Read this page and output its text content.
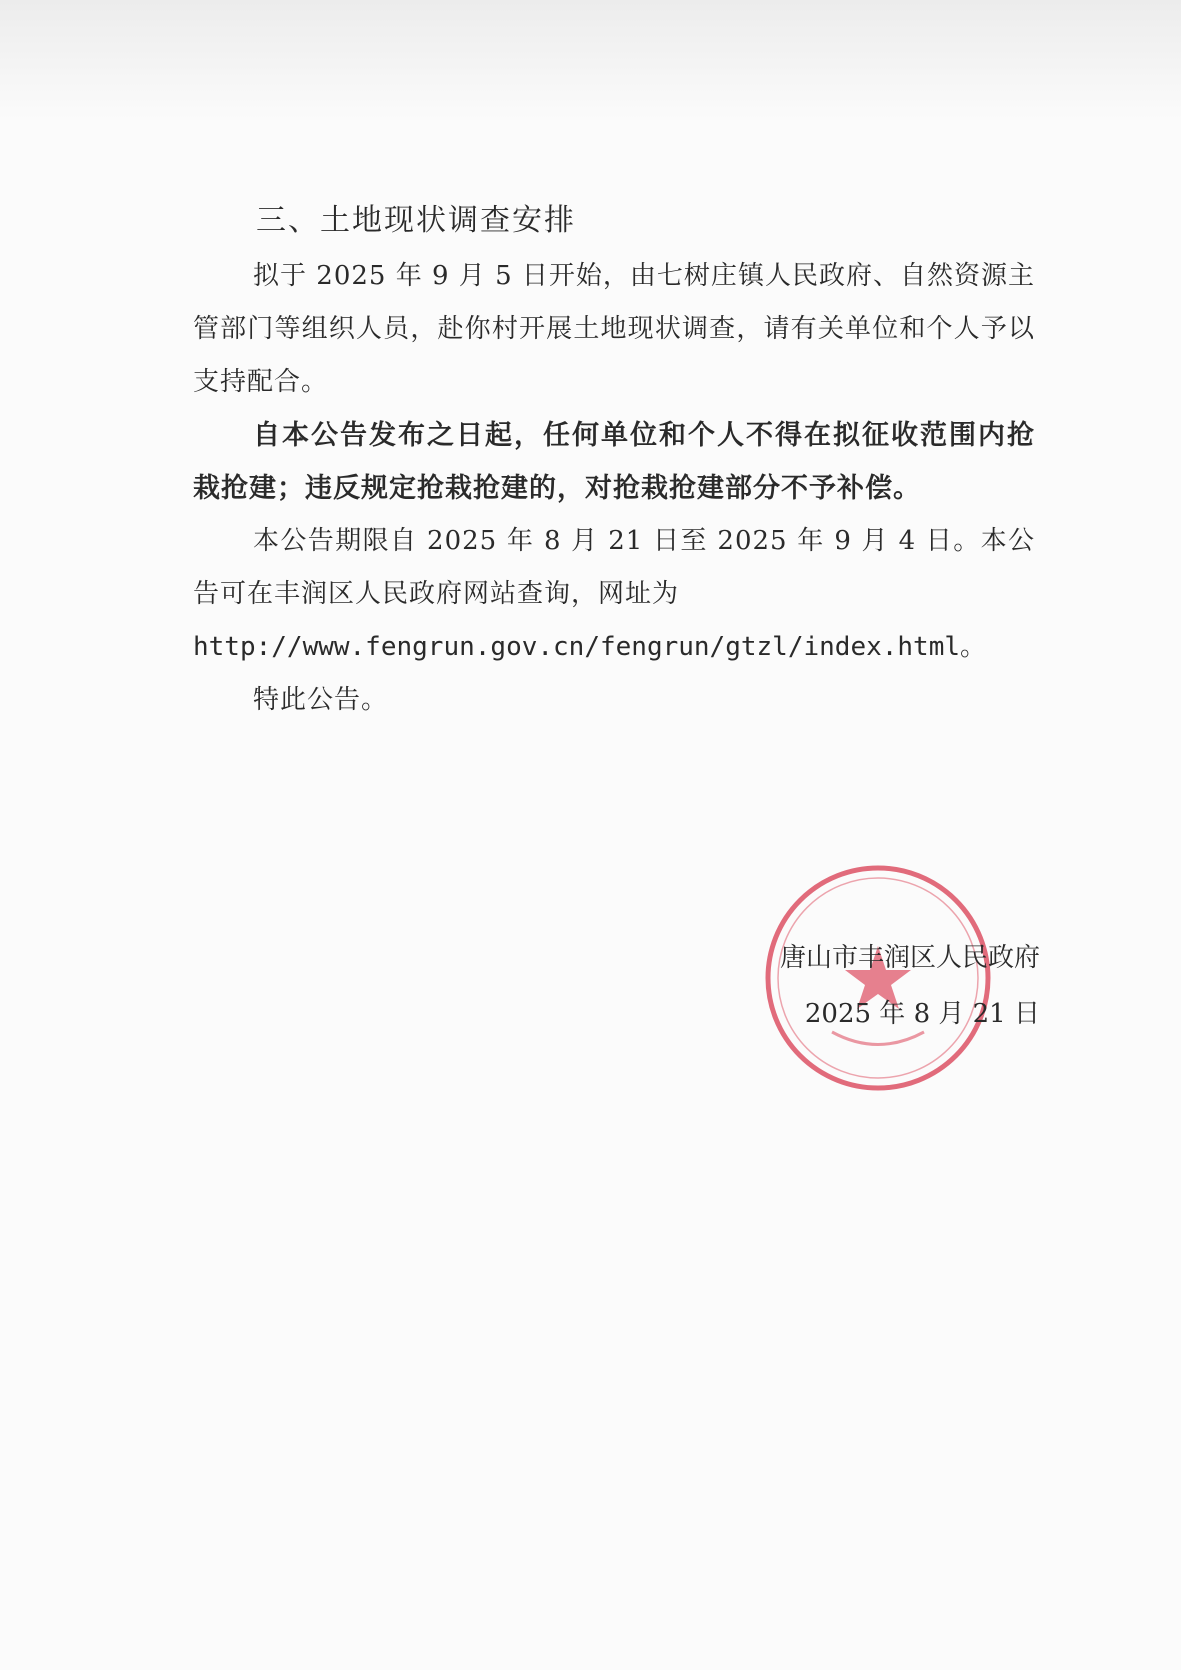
三、土地现状调查安排

拟于 2025 年 9 月 5 日开始，由七树庄镇人民政府、自然资源主管部门等组织人员，赴你村开展土地现状调查，请有关单位和个人予以支持配合。

自本公告发布之日起，任何单位和个人不得在拟征收范围内抢栽抢建；违反规定抢栽抢建的，对抢栽抢建部分不予补偿。

本公告期限自 2025 年 8 月 21 日至 2025 年 9 月 4 日。本公告可在丰润区人民政府网站查询，网址为

http://www.fengrun.gov.cn/fengrun/gtzl/index.html。

特此公告。

唐山市丰润区人民政府
2025 年 8 月 21 日
